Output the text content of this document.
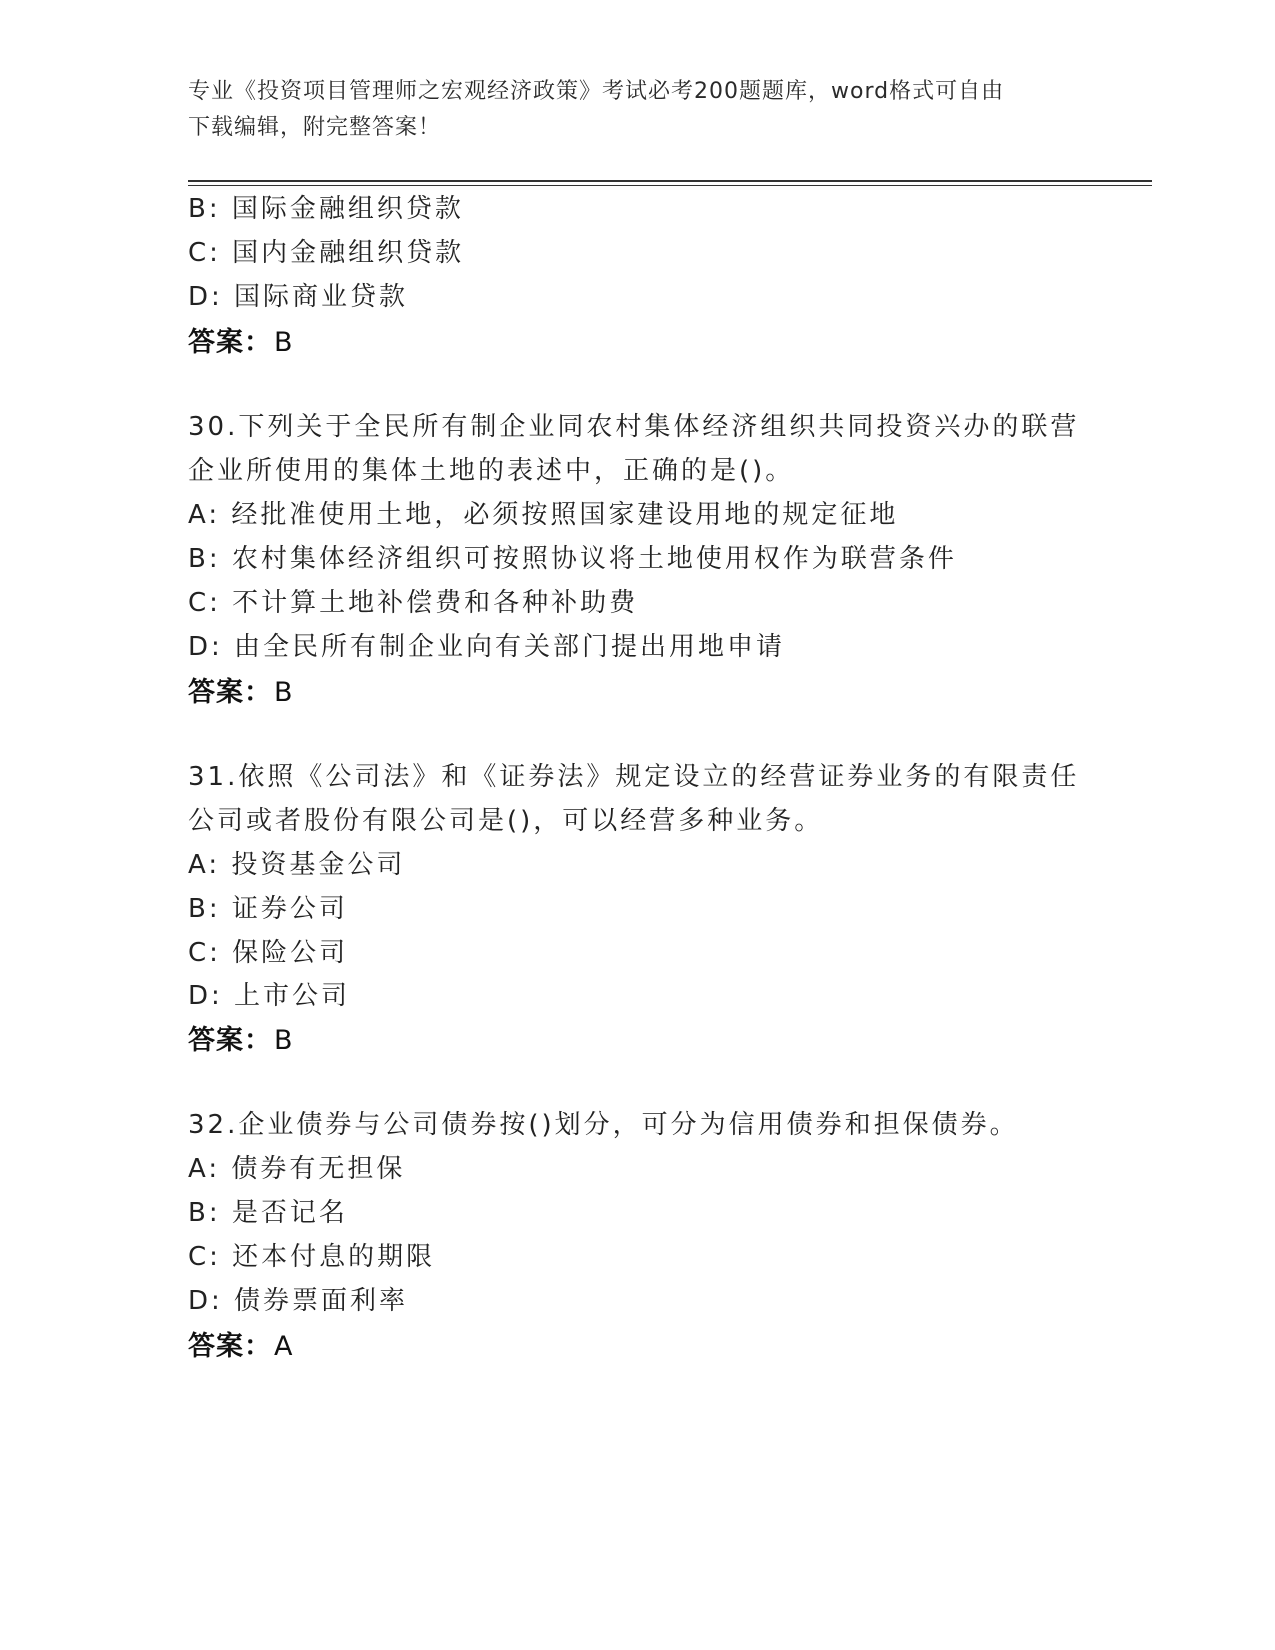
专业《投资项目管理师之宏观经济政策》考试必考200题题库，word格式可自由
下载编辑，附完整答案！
B: 国际金融组织贷款
C: 国内金融组织贷款
D: 国际商业贷款
答案：B
30.下列关于全民所有制企业同农村集体经济组织共同投资兴办的联营
企业所使用的集体土地的表述中，正确的是()。
A: 经批准使用土地，必须按照国家建设用地的规定征地
B: 农村集体经济组织可按照协议将土地使用权作为联营条件
C: 不计算土地补偿费和各种补助费
D: 由全民所有制企业向有关部门提出用地申请
答案：B
31.依照《公司法》和《证券法》规定设立的经营证券业务的有限责任
公司或者股份有限公司是()，可以经营多种业务。
A: 投资基金公司
B: 证券公司
C: 保险公司
D: 上市公司
答案：B
32.企业债券与公司债券按()划分，可分为信用债券和担保债券。
A: 债券有无担保
B: 是否记名
C: 还本付息的期限
D: 债券票面利率
答案：A
